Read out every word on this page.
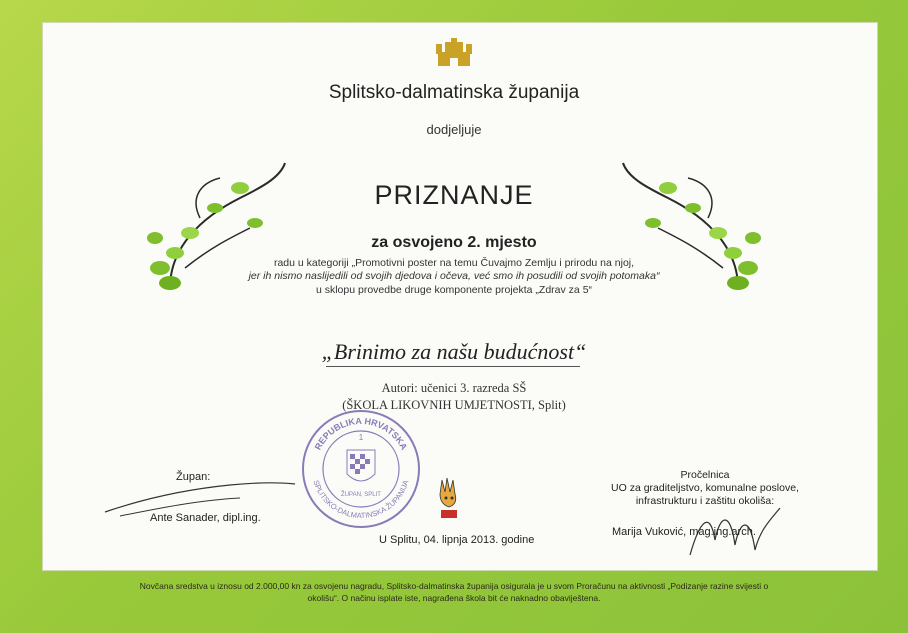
Splitsko-dalmatinska županija
dodjeljuje
PRIZNANJE
za osvojeno 2. mjesto
radu u kategoriji „Promotivni poster na temu Čuvajmo Zemlju i prirodu na njoj,
jer ih nismo naslijedili od svojih djedova i očeva, već smo ih posudili od svojih potomaka“
u sklopu provedbe druge komponente projekta „Zdrav za 5“
„Brinimo za našu budućnost“
Autori: učenici 3. razreda SŠ
(ŠKOLA LIKOVNIH UMJETNOSTI, Split)
REPUBLIKA HRVATSKA
SPLITSKO-DALMATINSKA ŽUPANIJA
1
ŽUPAN, SPLIT
Župan:
Ante Sanader, dipl.ing.
Pročelnica
UO za graditeljstvo, komunalne poslove,
infrastrukturu i zaštitu okoliša:
Marija Vuković, mag.ing.arch.
U Splitu, 04. lipnja 2013. godine
Novčana sredstva u iznosu od 2.000,00 kn za osvojenu nagradu, Splitsko-dalmatinska županija osigurala je u svom Proračunu na aktivnosti „Podizanje razine svijesti o
okolišu“. O načinu isplate iste, nagrađena škola bit će naknadno obaviještena.
